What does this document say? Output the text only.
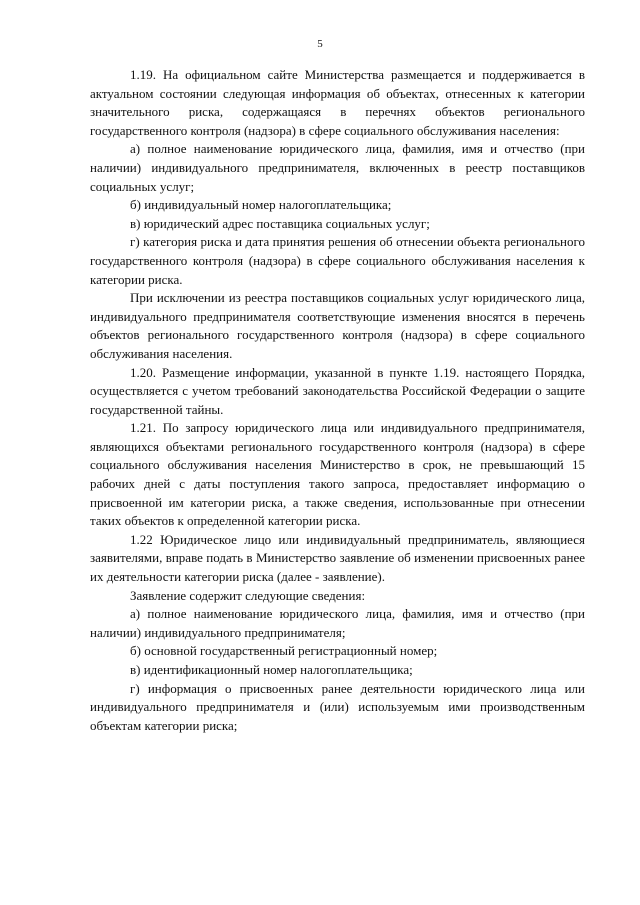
5

1.19. На официальном сайте Министерства размещается и поддерживается в актуальном состоянии следующая информация об объектах, отнесенных к категории значительного риска, содержащаяся в перечнях объектов регионального государственного контроля (надзора) в сфере социального обслуживания населения:

а) полное наименование юридического лица, фамилия, имя и отчество (при наличии) индивидуального предпринимателя, включенных в реестр поставщиков социальных услуг;

б) индивидуальный номер налогоплательщика;

в) юридический адрес поставщика социальных услуг;

г) категория риска и дата принятия решения об отнесении объекта регионального государственного контроля (надзора) в сфере социального обслуживания населения к категории риска.

При исключении из реестра поставщиков социальных услуг юридического лица, индивидуального предпринимателя соответствующие изменения вносятся в перечень объектов регионального государственного контроля (надзора) в сфере социального обслуживания населения.

1.20. Размещение информации, указанной в пункте 1.19. настоящего Порядка, осуществляется с учетом требований законодательства Российской Федерации о защите государственной тайны.

1.21. По запросу юридического лица или индивидуального предпринимателя, являющихся объектами регионального государственного контроля (надзора) в сфере социального обслуживания населения Министерство в срок, не превышающий 15 рабочих дней с даты поступления такого запроса, предоставляет информацию о присвоенной им категории риска, а также сведения, использованные при отнесении таких объектов к определенной категории риска.

1.22 Юридическое лицо или индивидуальный предприниматель, являющиеся заявителями, вправе подать в Министерство заявление об изменении присвоенных ранее их деятельности категории риска (далее - заявление).

Заявление содержит следующие сведения:

а) полное наименование юридического лица, фамилия, имя и отчество (при наличии) индивидуального предпринимателя;

б) основной государственный регистрационный номер;

в) идентификационный номер налогоплательщика;

г) информация о присвоенных ранее деятельности юридического лица или индивидуального предпринимателя и (или) используемым ими производственным объектам категории риска;
